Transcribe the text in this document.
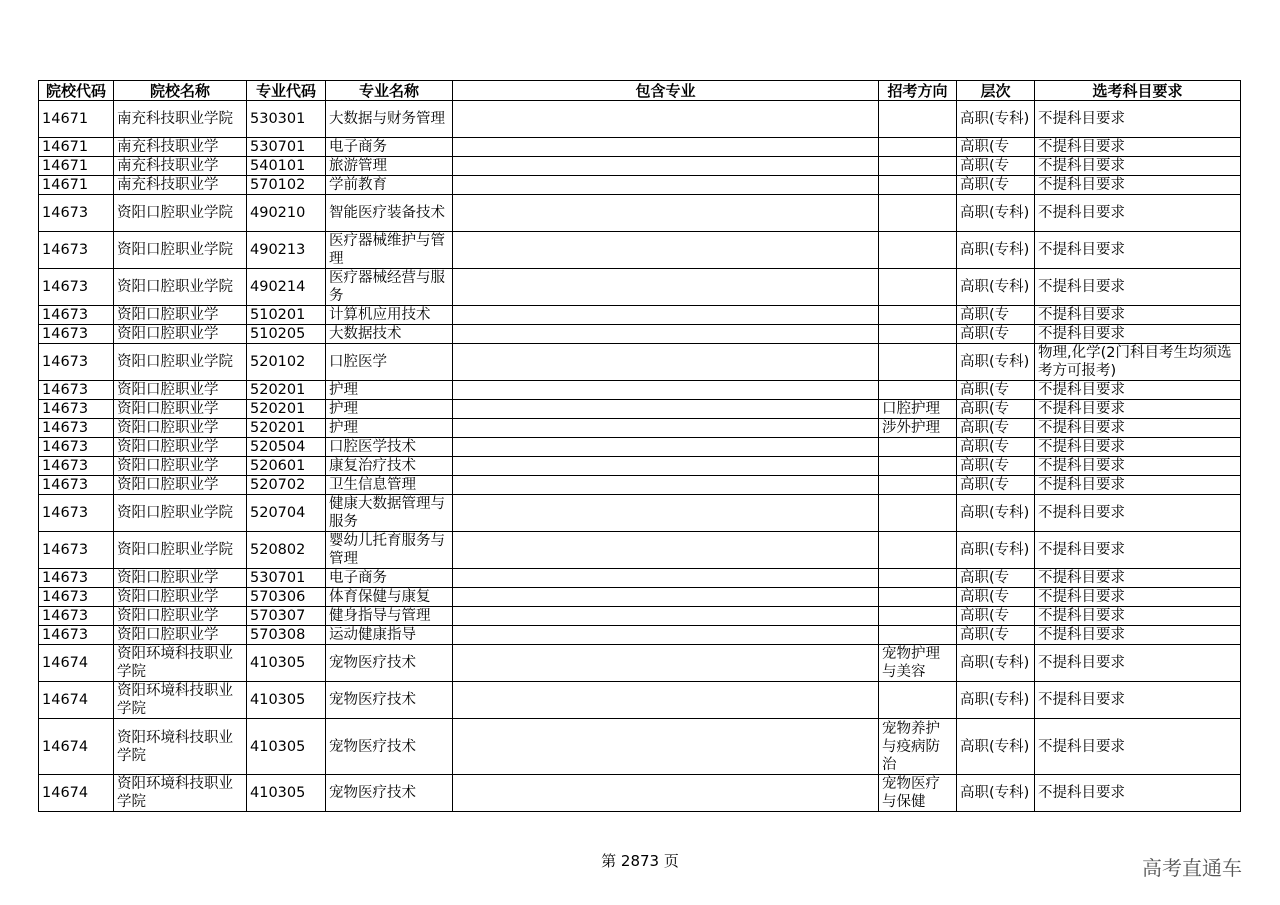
院校代码	院校名称	专业代码	专业名称	包含专业	招考方向	层次	选考科目要求
14671	南充科技职业学院	530301	大数据与财务管理			高职(专科)	不提科目要求
14671	南充科技职业学	530701	电子商务			高职(专	不提科目要求
14671	南充科技职业学	540101	旅游管理			高职(专	不提科目要求
14671	南充科技职业学	570102	学前教育			高职(专	不提科目要求
14673	资阳口腔职业学院	490210	智能医疗装备技术			高职(专科)	不提科目要求
14673	资阳口腔职业学院	490213	医疗器械维护与管理			高职(专科)	不提科目要求
14673	资阳口腔职业学院	490214	医疗器械经营与服务			高职(专科)	不提科目要求
14673	资阳口腔职业学	510201	计算机应用技术			高职(专	不提科目要求
14673	资阳口腔职业学	510205	大数据技术			高职(专	不提科目要求
14673	资阳口腔职业学院	520102	口腔医学			高职(专科)	物理,化学(2门科目考生均须选考方可报考)
14673	资阳口腔职业学	520201	护理			高职(专	不提科目要求
14673	资阳口腔职业学	520201	护理		口腔护理	高职(专	不提科目要求
14673	资阳口腔职业学	520201	护理		涉外护理	高职(专	不提科目要求
14673	资阳口腔职业学	520504	口腔医学技术			高职(专	不提科目要求
14673	资阳口腔职业学	520601	康复治疗技术			高职(专	不提科目要求
14673	资阳口腔职业学	520702	卫生信息管理			高职(专	不提科目要求
14673	资阳口腔职业学院	520704	健康大数据管理与服务			高职(专科)	不提科目要求
14673	资阳口腔职业学院	520802	婴幼儿托育服务与管理			高职(专科)	不提科目要求
14673	资阳口腔职业学	530701	电子商务			高职(专	不提科目要求
14673	资阳口腔职业学	570306	体育保健与康复			高职(专	不提科目要求
14673	资阳口腔职业学	570307	健身指导与管理			高职(专	不提科目要求
14673	资阳口腔职业学	570308	运动健康指导			高职(专	不提科目要求
14674	资阳环境科技职业学院	410305	宠物医疗技术		宠物护理与美容	高职(专科)	不提科目要求
14674	资阳环境科技职业学院	410305	宠物医疗技术			高职(专科)	不提科目要求
14674	资阳环境科技职业学院	410305	宠物医疗技术		宠物养护与疫病防治	高职(专科)	不提科目要求
14674	资阳环境科技职业学院	410305	宠物医疗技术		宠物医疗与保健	高职(专科)	不提科目要求
第 2873 页	高考直通车
